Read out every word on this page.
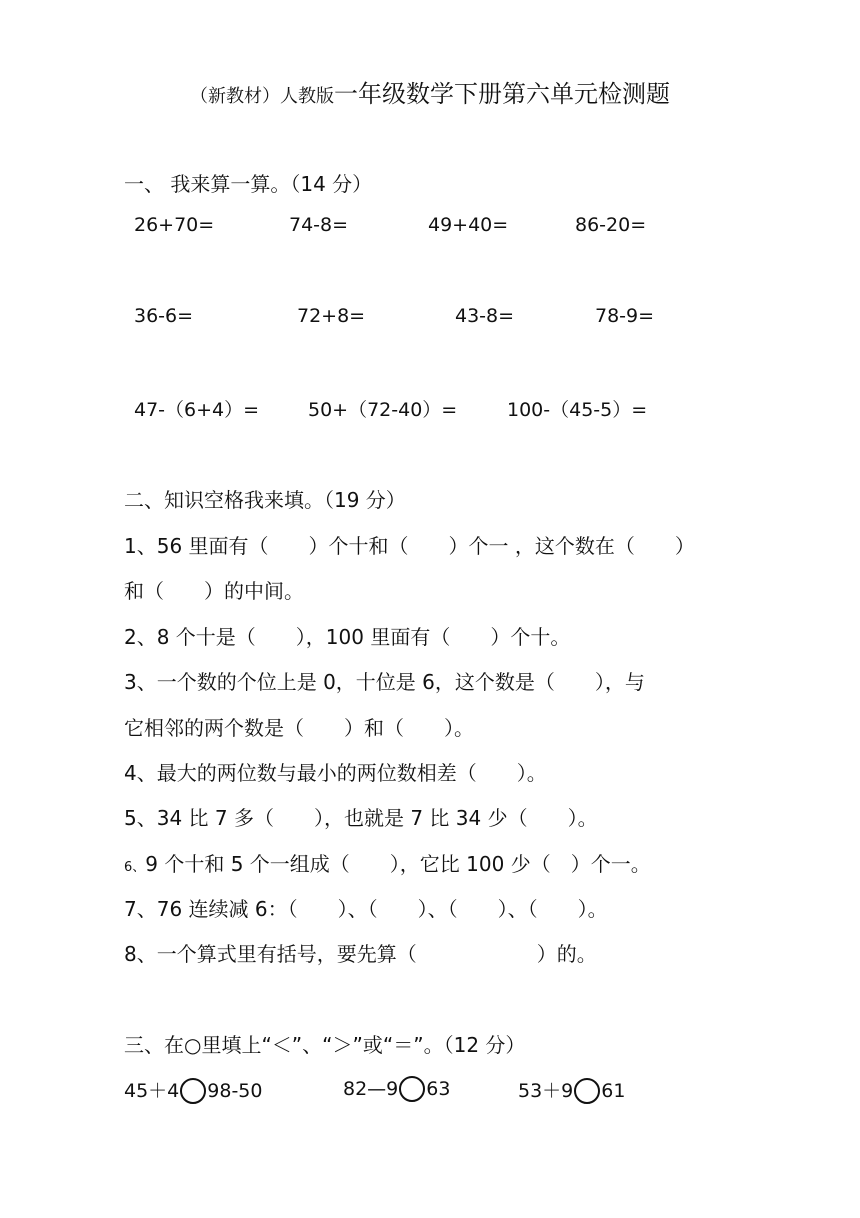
（新教材）人教版一年级数学下册第六单元检测题
一、 我来算一算。（14 分）
26+70=	74-8=	49+40=	86-20=
36-6=	72+8=	43-8=	78-9=
47-（6+4）=	50+（72-40）=	100-（45-5）=
二、知识空格我来填。（19 分）
1、56 里面有（　　）个十和（　　）个一 ，这个数在（　　）
和（　　）的中间。
2、8 个十是（　　），100 里面有（　　）个十。
3、一个数的个位上是 0，十位是 6，这个数是（　　），与
它相邻的两个数是（　　）和（　　）。
4、最大的两位数与最小的两位数相差（　　）。
5、34 比 7 多（　　），也就是 7 比 34 少（　　）。
6、9 个十和 5 个一组成（　　），它比 100 少（　）个一。
7、76 连续减 6：（　　）、（　　）、（　　）、（　　）。
8、一个算式里有括号，要先算（　　　　　　）的。
三、在○里填上“＜”、“＞”或“＝”。（12 分）
45＋4 98-50	82—9 63	53＋9 61
